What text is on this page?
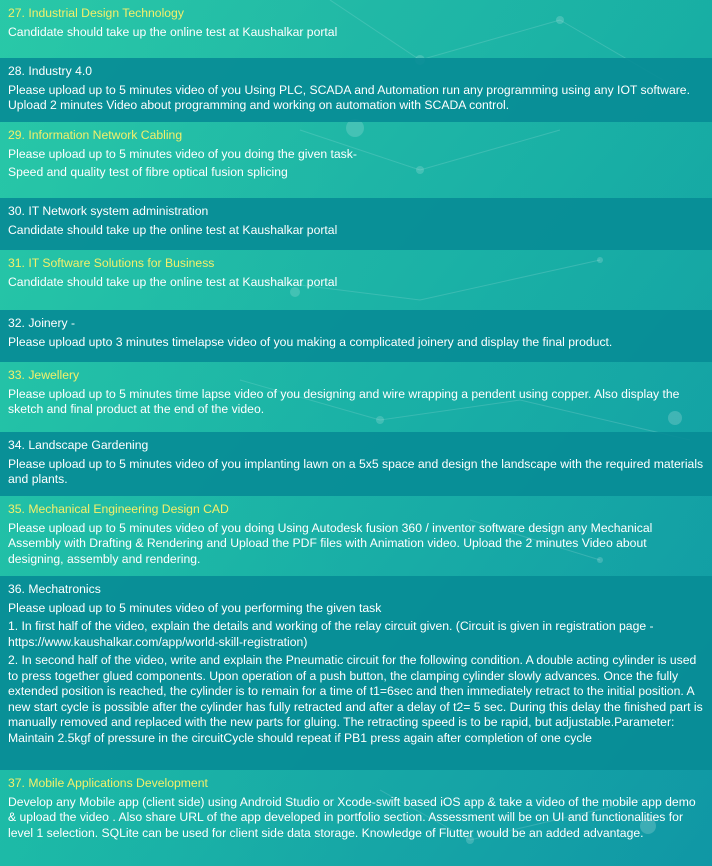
27. Industrial Design Technology
Candidate should take up the online test at Kaushalkar portal
28. Industry 4.0
Please upload up to 5 minutes video of you Using PLC, SCADA and Automation run any programming using any IOT software. Upload 2 minutes Video about programming and working on automation with SCADA control.
29. Information Network Cabling
Please upload up to 5 minutes video of you doing the given task-
Speed and quality test of fibre optical fusion splicing
30. IT Network system administration
Candidate should take up the online test at Kaushalkar portal
31. IT Software Solutions for Business
Candidate should take up the online test at Kaushalkar portal
32. Joinery -
Please upload upto 3 minutes timelapse video of you making a complicated joinery and display the final product.
33. Jewellery
Please upload up to 5 minutes time lapse video of you designing and wire wrapping a pendent using copper. Also display the sketch and final product at the end of the video.
34. Landscape Gardening
Please upload up to 5 minutes video of you implanting lawn on a 5x5 space and design the landscape with the required materials and plants.
35. Mechanical Engineering Design CAD
Please upload up to 5 minutes video of you doing Using Autodesk fusion 360 / inventor software design any Mechanical Assembly with Drafting & Rendering and Upload the PDF files with Animation video. Upload the 2 minutes Video about designing, assembly and rendering.
36. Mechatronics
Please upload up to 5 minutes video of you performing the given task
1. In first half of the video, explain the details and working of the relay circuit given. (Circuit is given in registration page - https://www.kaushalkar.com/app/world-skill-registration)
2. In second half of the video, write and explain the Pneumatic circuit for the following condition. A double acting cylinder is used to press together glued components. Upon operation of a push button, the clamping cylinder slowly advances. Once the fully extended position is reached, the cylinder is to remain for a time of t1=6sec and then immediately retract to the initial position. A new start cycle is possible after the cylinder has fully retracted and after a delay of t2= 5 sec. During this delay the finished part is manually removed and replaced with the new parts for gluing. The retracting speed is to be rapid, but adjustable.Parameter: Maintain 2.5kgf of pressure in the circuitCycle should repeat if PB1 press again after completion of one cycle
37. Mobile Applications Development
Develop any Mobile app (client side) using Android Studio or Xcode-swift based iOS app & take a video of the mobile app demo & upload the video . Also share URL of the app developed in portfolio section. Assessment will be on UI and functionalities for level 1 selection. SQLite can be used for client side data storage. Knowledge of Flutter would be an added advantage.
